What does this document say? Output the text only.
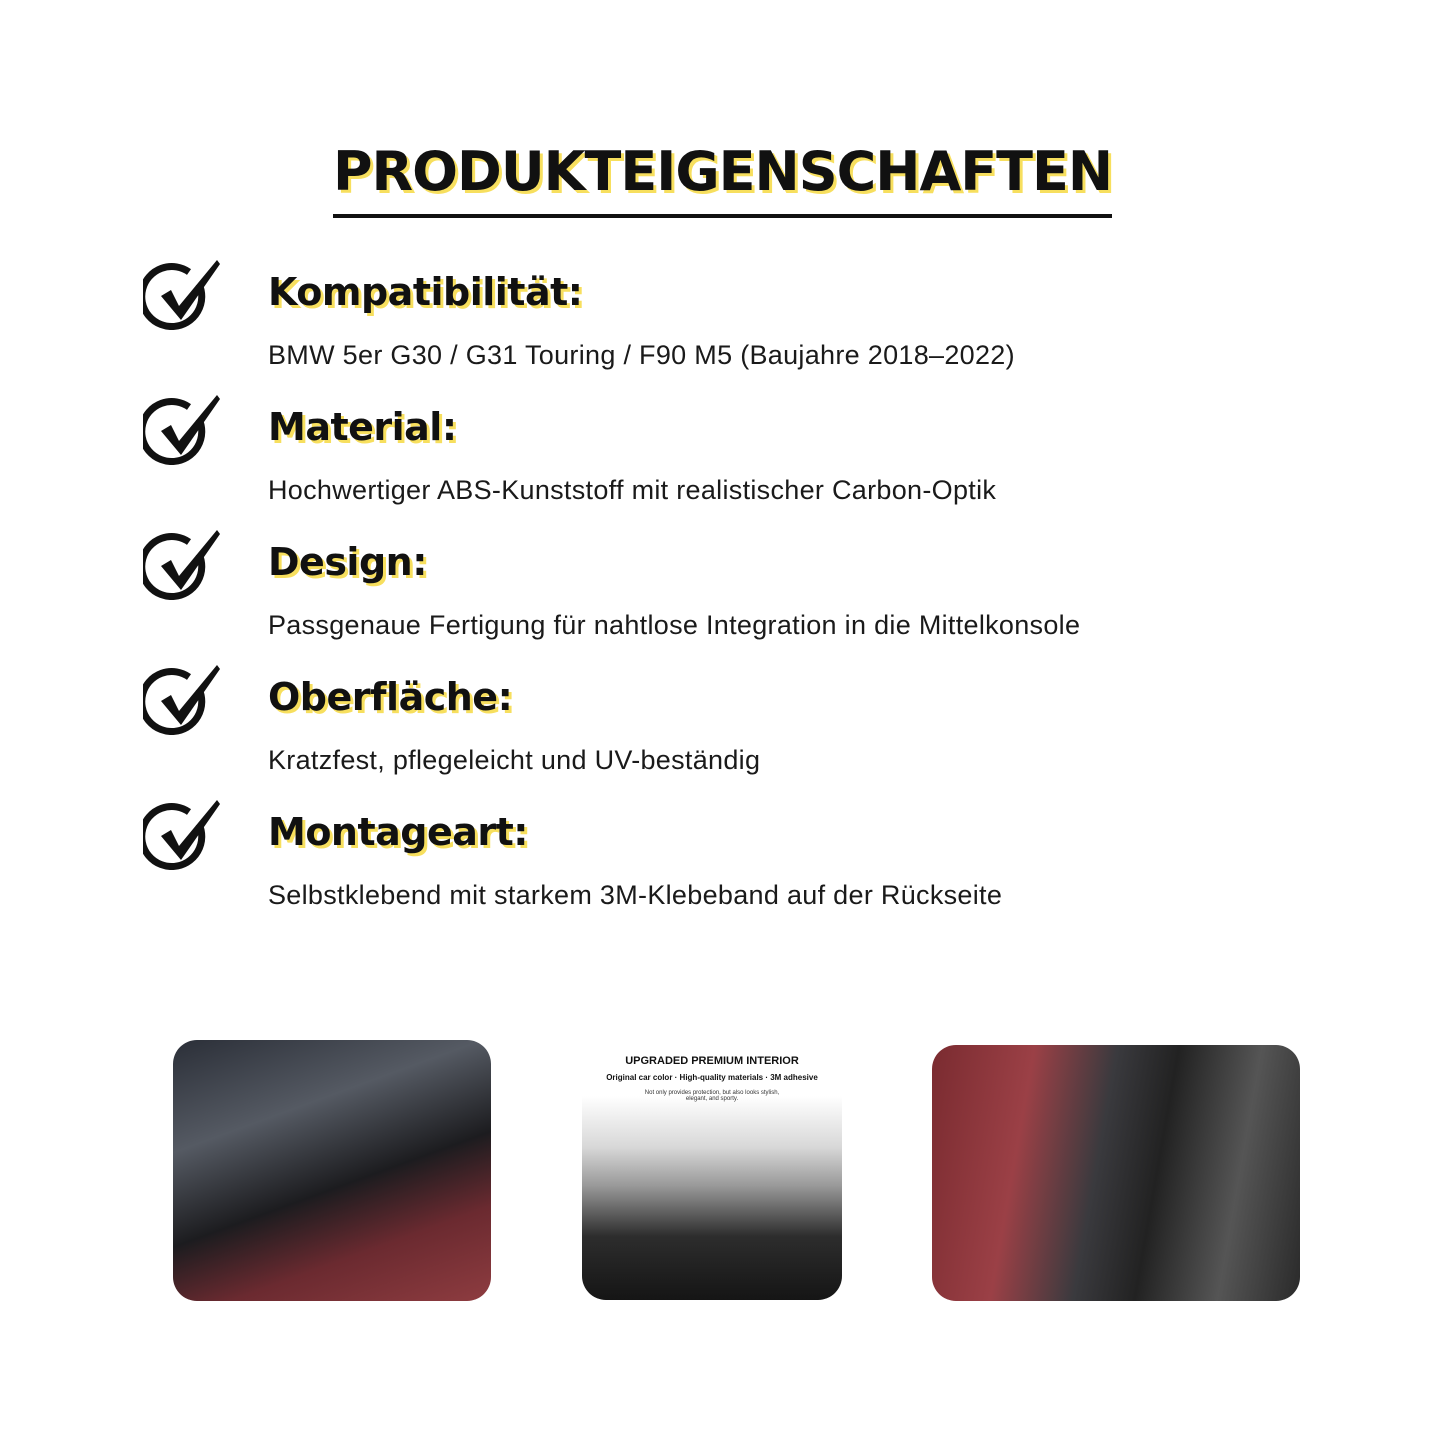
PRODUKTEIGENSCHAFTEN
Kompatibilität:
BMW 5er G30 / G31 Touring / F90 M5 (Baujahre 2018–2022)
Material:
Hochwertiger ABS-Kunststoff mit realistischer Carbon-Optik
Design:
Passgenaue Fertigung für nahtlose Integration in die Mittelkonsole
Oberfläche:
Kratzfest, pflegeleicht und UV-beständig
Montageart:
Selbstklebend mit starkem 3M-Klebeband auf der Rückseite
UPGRADED PREMIUM INTERIOR
Original car color · High-quality materials · 3M adhesive
Not only provides protection, but also looks stylish, elegant, and sporty.
